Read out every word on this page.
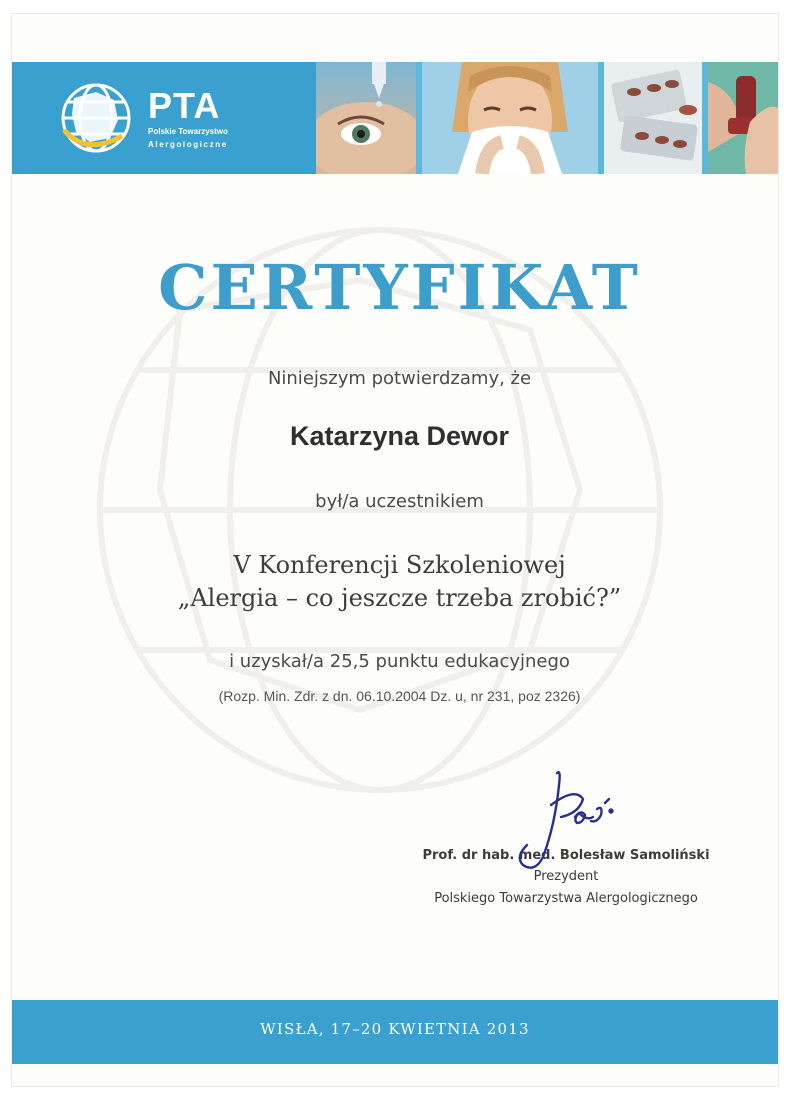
PTA
Polskie Towarzystwo
Alergologiczne
CERTYFIKAT
Niniejszym potwierdzamy, że
Katarzyna Dewor
był/a uczestnikiem
V Konferencji Szkoleniowej
„Alergia – co jeszcze trzeba zrobić?”
i uzyskał/a 25,5 punktu edukacyjnego
(Rozp. Min. Zdr. z dn. 06.10.2004 Dz. u, nr 231, poz 2326)
Prof. dr hab. med. Bolesław Samoliński
Prezydent
Polskiego Towarzystwa Alergologicznego
WISŁA, 17–20 KWIETNIA 2013
